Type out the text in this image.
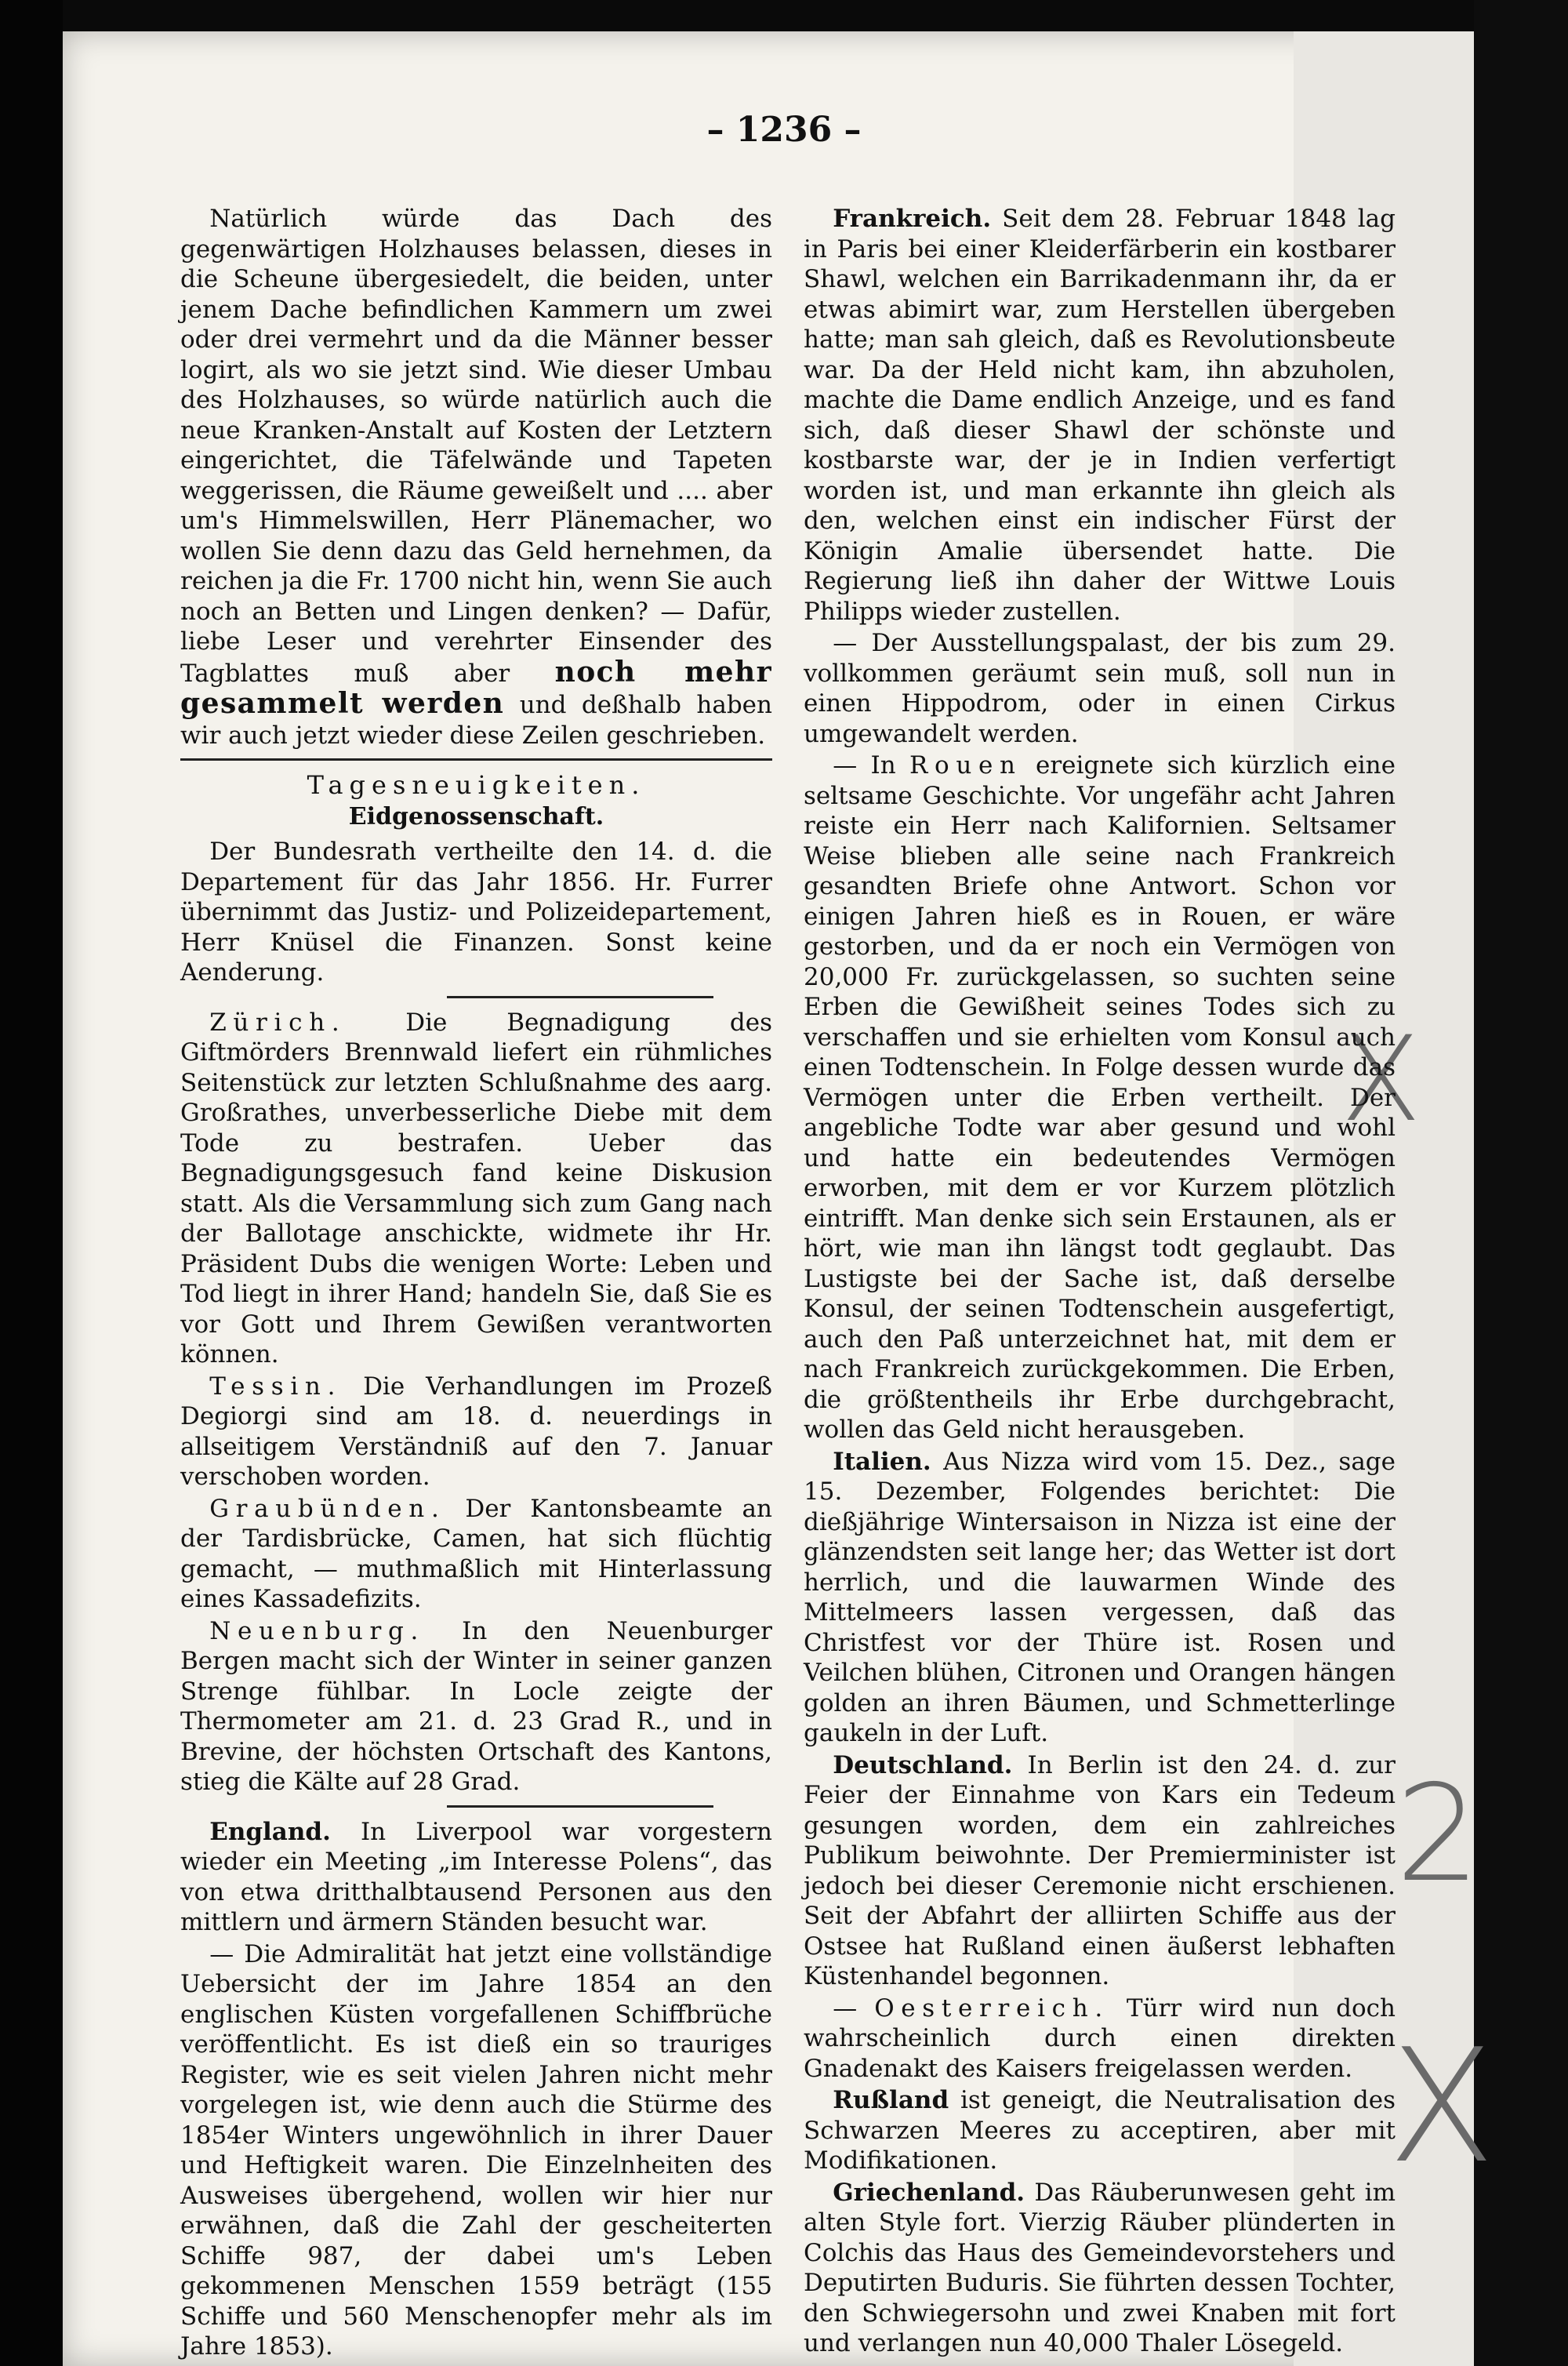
X
2
X
– 1236 –

Natürlich würde das Dach des gegenwärtigen Holzhauses belassen, dieses in die Scheune übergesiedelt, die beiden, unter jenem Dache befindlichen Kammern um zwei oder drei vermehrt und da die Männer besser logirt, als wo sie jetzt sind. Wie dieser Umbau des Holzhauses, so würde natürlich auch die neue Kranken-Anstalt auf Kosten der Letztern eingerichtet, die Täfelwände und Tapeten weggerissen, die Räume geweißelt und .... aber um's Himmelswillen, Herr Plänemacher, wo wollen Sie denn dazu das Geld hernehmen, da reichen ja die Fr. 1700 nicht hin, wenn Sie auch noch an Betten und Lingen denken? — Dafür, liebe Leser und verehrter Einsender des Tagblattes muß aber noch mehr gesammelt werden und deßhalb haben wir auch jetzt wieder diese Zeilen geschrieben.

Tagesneuigkeiten.
Eidgenossenschaft.

Der Bundesrath vertheilte den 14. d. die Departement für das Jahr 1856. Hr. Furrer übernimmt das Justiz- und Polizeidepartement, Herr Knüsel die Finanzen. Sonst keine Aenderung.

Zürich. Die Begnadigung des Giftmörders Brennwald liefert ein rühmliches Seitenstück zur letzten Schlußnahme des aarg. Großrathes, unverbesserliche Diebe mit dem Tode zu bestrafen. Ueber das Begnadigungsgesuch fand keine Diskusion statt. Als die Versammlung sich zum Gang nach der Ballotage anschickte, widmete ihr Hr. Präsident Dubs die wenigen Worte: Leben und Tod liegt in ihrer Hand; handeln Sie, daß Sie es vor Gott und Ihrem Gewißen verantworten können.

Tessin. Die Verhandlungen im Prozeß Degiorgi sind am 18. d. neuerdings in allseitigem Verständniß auf den 7. Januar verschoben worden.

Graubünden. Der Kantonsbeamte an der Tardisbrücke, Camen, hat sich flüchtig gemacht, — muthmaßlich mit Hinterlassung eines Kassadefizits.

Neuenburg. In den Neuenburger Bergen macht sich der Winter in seiner ganzen Strenge fühlbar. In Locle zeigte der Thermometer am 21. d. 23 Grad R., und in Brevine, der höchsten Ortschaft des Kantons, stieg die Kälte auf 28 Grad.

England. In Liverpool war vorgestern wieder ein Meeting „im Interesse Polens“, das von etwa dritthalbtausend Personen aus den mittlern und ärmern Ständen besucht war.

— Die Admiralität hat jetzt eine vollständige Uebersicht der im Jahre 1854 an den englischen Küsten vorgefallenen Schiffbrüche veröffentlicht. Es ist dieß ein so trauriges Register, wie es seit vielen Jahren nicht mehr vorgelegen ist, wie denn auch die Stürme des 1854er Winters ungewöhnlich in ihrer Dauer und Heftigkeit waren. Die Einzelnheiten des Ausweises übergehend, wollen wir hier nur erwähnen, daß die Zahl der gescheiterten Schiffe 987, der dabei um's Leben gekommenen Menschen 1559 beträgt (155 Schiffe und 560 Menschenopfer mehr als im Jahre 1853).

Frankreich. Seit dem 28. Februar 1848 lag in Paris bei einer Kleiderfärberin ein kostbarer Shawl, welchen ein Barrikadenmann ihr, da er etwas abimirt war, zum Herstellen übergeben hatte; man sah gleich, daß es Revolutionsbeute war. Da der Held nicht kam, ihn abzuholen, machte die Dame endlich Anzeige, und es fand sich, daß dieser Shawl der schönste und kostbarste war, der je in Indien verfertigt worden ist, und man erkannte ihn gleich als den, welchen einst ein indischer Fürst der Königin Amalie übersendet hatte. Die Regierung ließ ihn daher der Wittwe Louis Philipps wieder zustellen.

— Der Ausstellungspalast, der bis zum 29. vollkommen geräumt sein muß, soll nun in einen Hippodrom, oder in einen Cirkus umgewandelt werden.

— In Rouen ereignete sich kürzlich eine seltsame Geschichte. Vor ungefähr acht Jahren reiste ein Herr nach Kalifornien. Seltsamer Weise blieben alle seine nach Frankreich gesandten Briefe ohne Antwort. Schon vor einigen Jahren hieß es in Rouen, er wäre gestorben, und da er noch ein Vermögen von 20,000 Fr. zurückgelassen, so suchten seine Erben die Gewißheit seines Todes sich zu verschaffen und sie erhielten vom Konsul auch einen Todtenschein. In Folge dessen wurde das Vermögen unter die Erben vertheilt. Der angebliche Todte war aber gesund und wohl und hatte ein bedeutendes Vermögen erworben, mit dem er vor Kurzem plötzlich eintrifft. Man denke sich sein Erstaunen, als er hört, wie man ihn längst todt geglaubt. Das Lustigste bei der Sache ist, daß derselbe Konsul, der seinen Todtenschein ausgefertigt, auch den Paß unterzeichnet hat, mit dem er nach Frankreich zurückgekommen. Die Erben, die größtentheils ihr Erbe durchgebracht, wollen das Geld nicht herausgeben.

Italien. Aus Nizza wird vom 15. Dez., sage 15. Dezember, Folgendes berichtet: Die dießjährige Wintersaison in Nizza ist eine der glänzendsten seit lange her; das Wetter ist dort herrlich, und die lauwarmen Winde des Mittelmeers lassen vergessen, daß das Christfest vor der Thüre ist. Rosen und Veilchen blühen, Citronen und Orangen hängen golden an ihren Bäumen, und Schmetterlinge gaukeln in der Luft.

Deutschland. In Berlin ist den 24. d. zur Feier der Einnahme von Kars ein Tedeum gesungen worden, dem ein zahlreiches Publikum beiwohnte. Der Premierminister ist jedoch bei dieser Ceremonie nicht erschienen. Seit der Abfahrt der alliirten Schiffe aus der Ostsee hat Rußland einen äußerst lebhaften Küstenhandel begonnen.

— Oesterreich. Türr wird nun doch wahrscheinlich durch einen direkten Gnadenakt des Kaisers freigelassen werden.

Rußland ist geneigt, die Neutralisation des Schwarzen Meeres zu acceptiren, aber mit Modifikationen.

Griechenland. Das Räuberunwesen geht im alten Style fort. Vierzig Räuber plünderten in Colchis das Haus des Gemeindevorstehers und Deputirten Buduris. Sie führten dessen Tochter, den Schwiegersohn und zwei Knaben mit fort und verlangen nun 40,000 Thaler Lösegeld.
